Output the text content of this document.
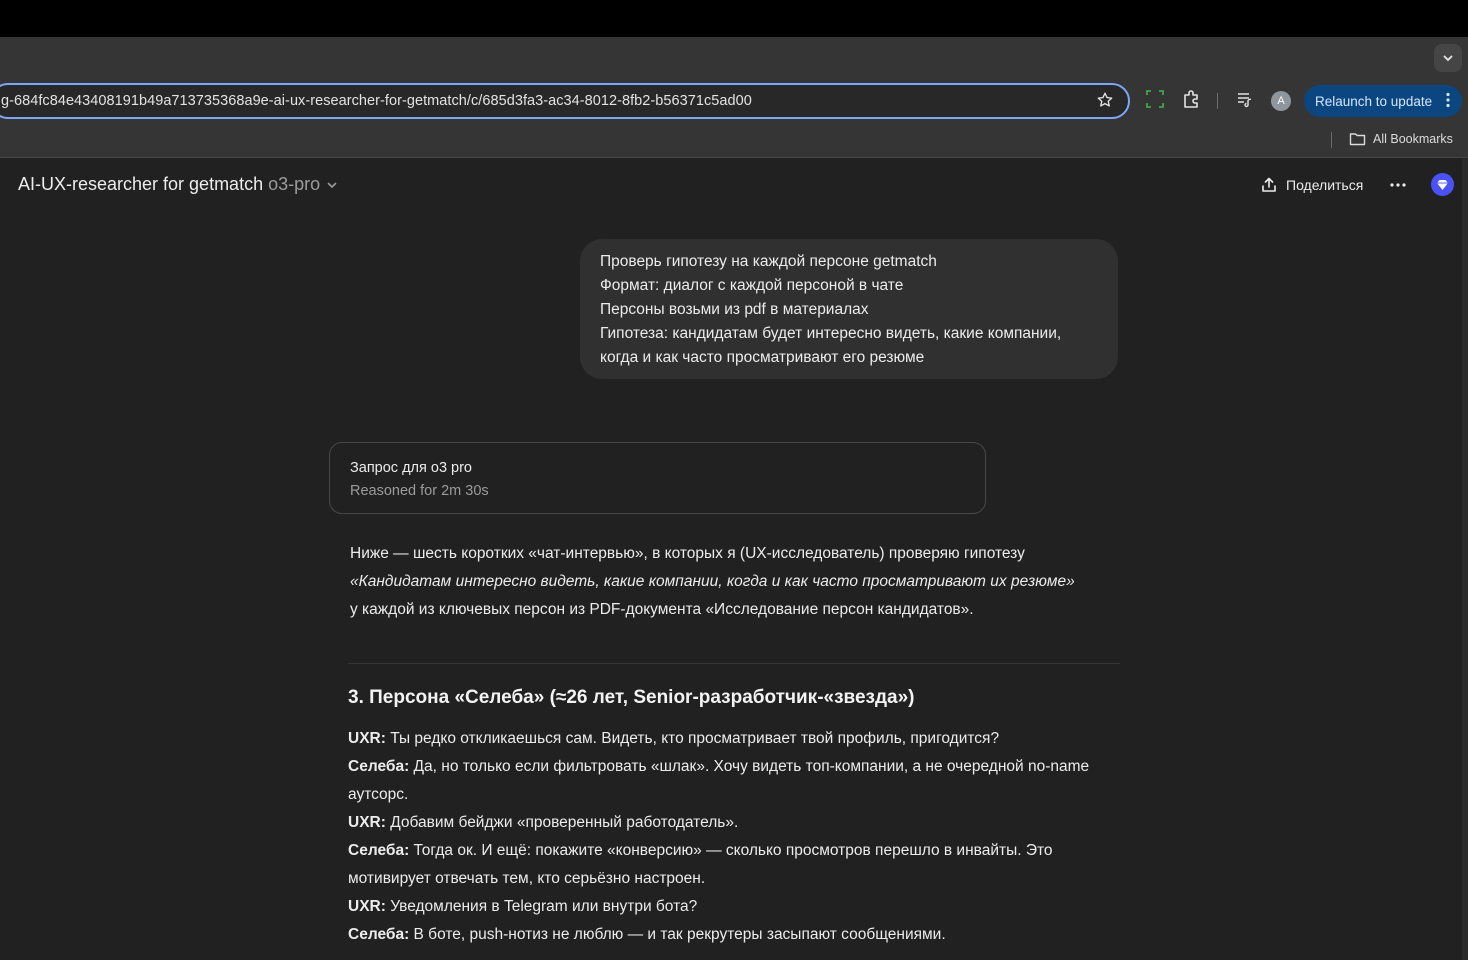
g-684fc84e43408191b49a713735368a9e-ai-ux-researcher-for-getmatch/c/685d3fa3-ac34-8012-8fb2-b56371c5ad00	A	Relaunch to update
All Bookmarks
AI-UX-researcher for getmatch o3-pro	Поделиться
Проверь гипотезу на каждой персоне getmatch
Формат: диалог с каждой персоной в чате
Персоны возьми из pdf в материалах
Гипотеза: кандидатам будет интересно видеть, какие компании,
когда и как часто просматривают его резюме
Запрос для o3 pro
Reasoned for 2m 30s
Ниже — шесть коротких «чат-интервью», в которых я (UX-исследователь) проверяю гипотезу
«Кандидатам интересно видеть, какие компании, когда и как часто просматривают их резюме»
у каждой из ключевых персон из PDF-документа «Исследование персон кандидатов».
3. Персона «Селеба» (≈26 лет, Senior-разработчик-«звезда»)
UXR: Ты редко откликаешься сам. Видеть, кто просматривает твой профиль, пригодится?
Селеба: Да, но только если фильтровать «шлак». Хочу видеть топ-компании, а не очередной no-name аутсорс.
UXR: Добавим бейджи «проверенный работодатель».
Селеба: Тогда ок. И ещё: покажите «конверсию» — сколько просмотров перешло в инвайты. Это мотивирует отвечать тем, кто серьёзно настроен.
UXR: Уведомления в Telegram или внутри бота?
Селеба: В боте, push-нотиз не люблю — и так рекрутеры засыпают сообщениями.
